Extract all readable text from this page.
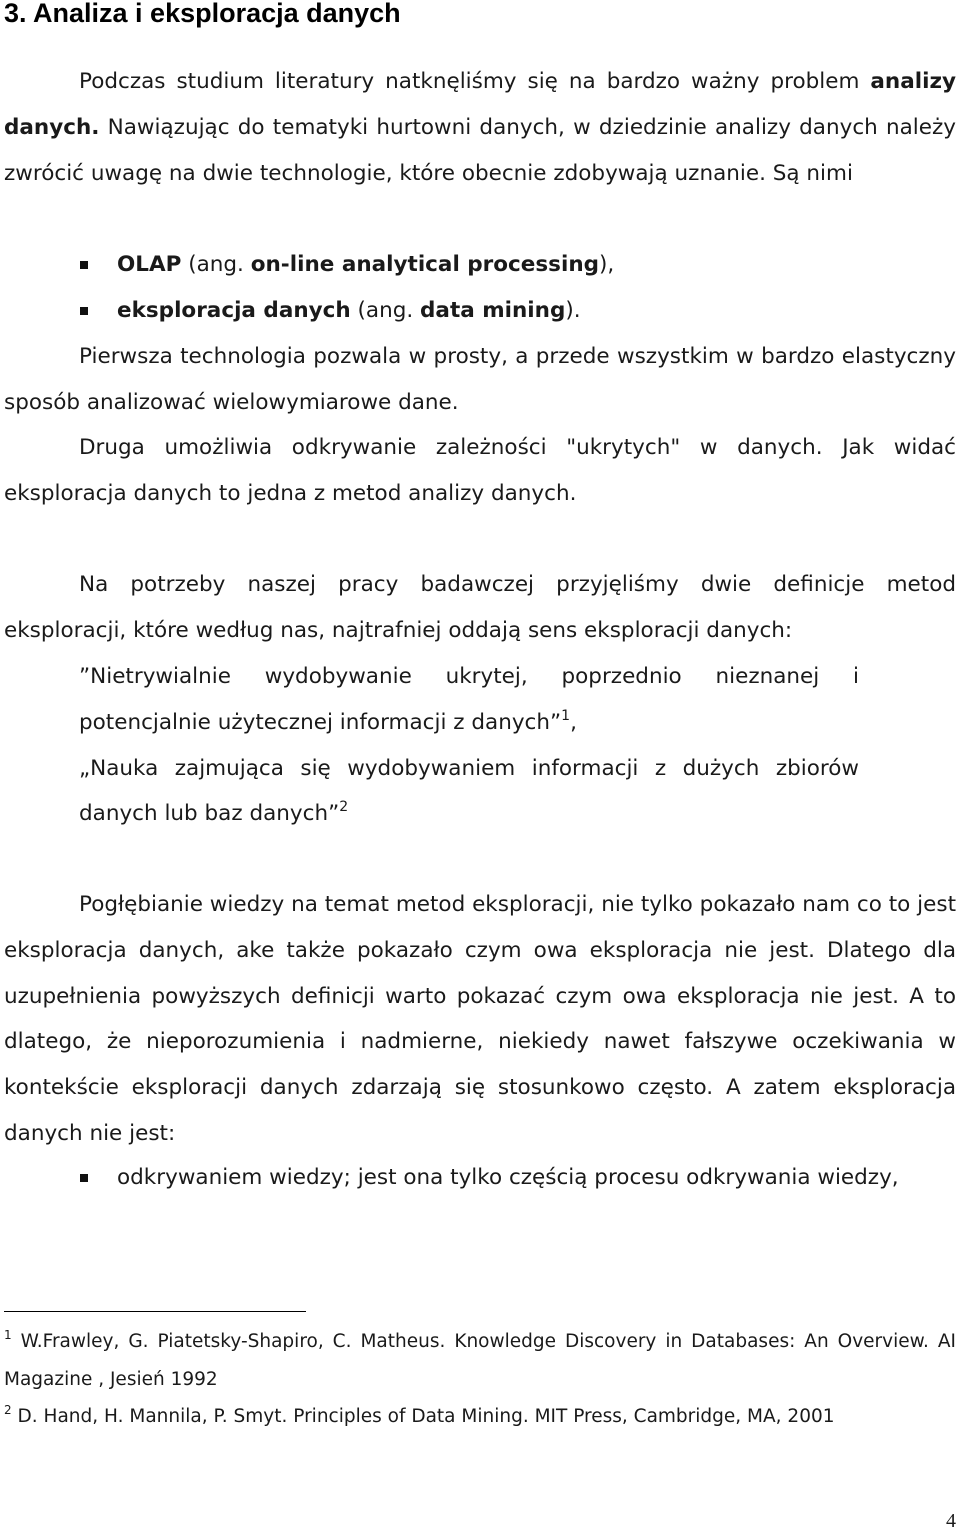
3. Analiza i eksploracja danych

Podczas studium literatury natknęliśmy się na bardzo ważny problem analizy danych. Nawiązując do tematyki hurtowni danych, w dziedzinie analizy danych należy zwrócić uwagę na dwie technologie, które obecnie zdobywają uznanie. Są nimi

OLAP (ang. on-line analytical processing),
eksploracja danych (ang. data mining).

Pierwsza technologia pozwala w prosty, a przede wszystkim w bardzo elastyczny sposób analizować wielowymiarowe dane.

Druga umożliwia odkrywanie zależności "ukrytych" w danych. Jak widać eksploracja danych to jedna z metod analizy danych.

Na potrzeby naszej pracy badawczej przyjęliśmy dwie definicje metod eksploracji, które według nas, najtrafniej oddają sens eksploracji danych:

”Nietrywialnie wydobywanie ukrytej, poprzednio nieznanej i potencjalnie użytecznej informacji z danych”$^1$,

„Nauka zajmująca się wydobywaniem informacji z dużych zbiorów danych lub baz danych”$^2$

Pogłębianie wiedzy na temat metod eksploracji, nie tylko pokazało nam co to jest eksploracja danych, ake także pokazało czym owa eksploracja nie jest. Dlatego dla uzupełnienia powyższych definicji warto pokazać czym owa eksploracja nie jest. A to dlatego, że nieporozumienia i nadmierne, niekiedy nawet fałszywe oczekiwania w kontekście eksploracji danych zdarzają się stosunkowo często. A zatem eksploracja danych nie jest:

odkrywaniem wiedzy; jest ona tylko częścią procesu odkrywania wiedzy,

$^1$ W.Frawley, G. Piatetsky-Shapiro, C. Matheus. Knowledge Discovery in Databases: An Overview. AI Magazine , Jesień 1992

$^2$ D. Hand, H. Mannila, P. Smyt. Principles of Data Mining. MIT Press, Cambridge, MA, 2001

4
